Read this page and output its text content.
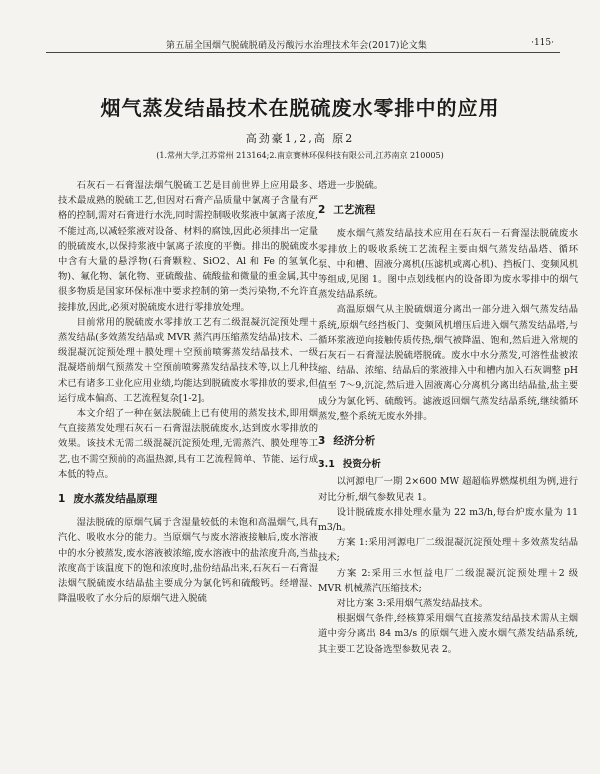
第五届全国烟气脱硫脱硝及污酸污水治理技术年会(2017)论文集	·115·
烟气蒸发结晶技术在脱硫废水零排中的应用
高劲豪1,2,高 原2
(1.常州大学,江苏常州 213164;2.南京赛林环保科技有限公司,江苏南京 210005)

石灰石－石膏湿法烟气脱硫工艺是目前世界上应用最多、技术最成熟的脱硫工艺,但因对石膏产品质量中氯离子含量有严格的控制,需对石膏进行水洗,同时需控制吸收浆液中氯离子浓度,不能过高,以减轻浆液对设备、材料的腐蚀,因此必须排出一定量的脱硫废水,以保持浆液中氯离子浓度的平衡。排出的脱硫废水中含有大量的悬浮物(石膏颗粒、SiO2、Al 和 Fe 的氢氧化物)、氟化物、氯化物、亚硫酸盐、硫酸盐和微量的重金属,其中很多物质是国家环保标准中要求控制的第一类污染物,不允许直接排放,因此,必须对脱硫废水进行零排放处理。

目前常用的脱硫废水零排放工艺有二级混凝沉淀预处理＋蒸发结晶(多效蒸发结晶或 MVR 蒸汽再压缩蒸发结晶)技术、二级混凝沉淀预处理＋膜处理＋空预前喷雾蒸发结晶技术、一级混凝塔前烟气预蒸发＋空预前喷雾蒸发结晶技术等,以上几种技术已有诸多工业化应用业绩,均能达到脱硫废水零排放的要求,但运行成本偏高、工艺流程复杂[1-2]。

本文介绍了一种在氨法脱硫上已有使用的蒸发技术,即用烟气直接蒸发处理石灰石－石膏湿法脱硫废水,达到废水零排放的效果。该技术无需二级混凝沉淀预处理,无需蒸汽、膜处理等工艺,也不需空预前的高温热源,具有工艺流程简单、节能、运行成本低的特点。

1 废水蒸发结晶原理

湿法脱硫的原烟气属于含湿量较低的未饱和高温烟气,具有汽化、吸收水分的能力。当原烟气与废水溶液接触后,废水溶液中的水分被蒸发,废水溶液被浓缩,废水溶液中的盐浓度升高,当盐浓度高于该温度下的饱和浓度时,盐份结晶出来,石灰石－石膏湿法烟气脱硫废水结晶盐主要成分为氯化钙和硫酸钙。经增湿、降温吸收了水分后的原烟气进入脱硫

塔进一步脱硫。

2 工艺流程

废水烟气蒸发结晶技术应用在石灰石－石膏湿法脱硫废水零排放上的吸收系统工艺流程主要由烟气蒸发结晶塔、循环泵、中和槽、固液分离机(压滤机或离心机)、挡板门、变频风机等组成,见图 1。图中点划线框内的设备即为废水零排中的烟气蒸发结晶系统。

高温原烟气从主脱硫烟道分离出一部分进入烟气蒸发结晶系统,原烟气经挡板门、变频风机增压后进入烟气蒸发结晶塔,与循环浆液逆向接触传质传热,烟气被降温、饱和,然后进入常规的石灰石－石膏湿法脱硫塔脱硫。废水中水分蒸发,可溶性盐被浓缩、结晶、浓缩、结晶后的浆液排入中和槽内加入石灰调整 pH 值至 7～9,沉淀,然后进入固液离心分离机分离出结晶盐,盐主要成分为氯化钙、硫酸钙。滤液返回烟气蒸发结晶系统,继续循环蒸发,整个系统无废水外排。

3 经济分析
3.1 投资分析

以河源电厂一期 2×600 MW 超超临界燃煤机组为例,进行对比分析,烟气参数见表 1。

设计脱硫废水排处理水量为 22 m3/h,每台炉废水量为 11 m3/h。

方案 1:采用河源电厂二级混凝沉淀预处理＋多效蒸发结晶技术;

方案 2:采用三水恒益电厂二级混凝沉淀预处理＋2 级 MVR 机械蒸汽压缩技术;

对比方案 3:采用烟气蒸发结晶技术。

根据烟气条件,经核算采用烟气直接蒸发结晶技术需从主烟道中旁分离出 84 m3/s 的原烟气进入废水烟气蒸发结晶系统,其主要工艺设备选型参数见表 2。
